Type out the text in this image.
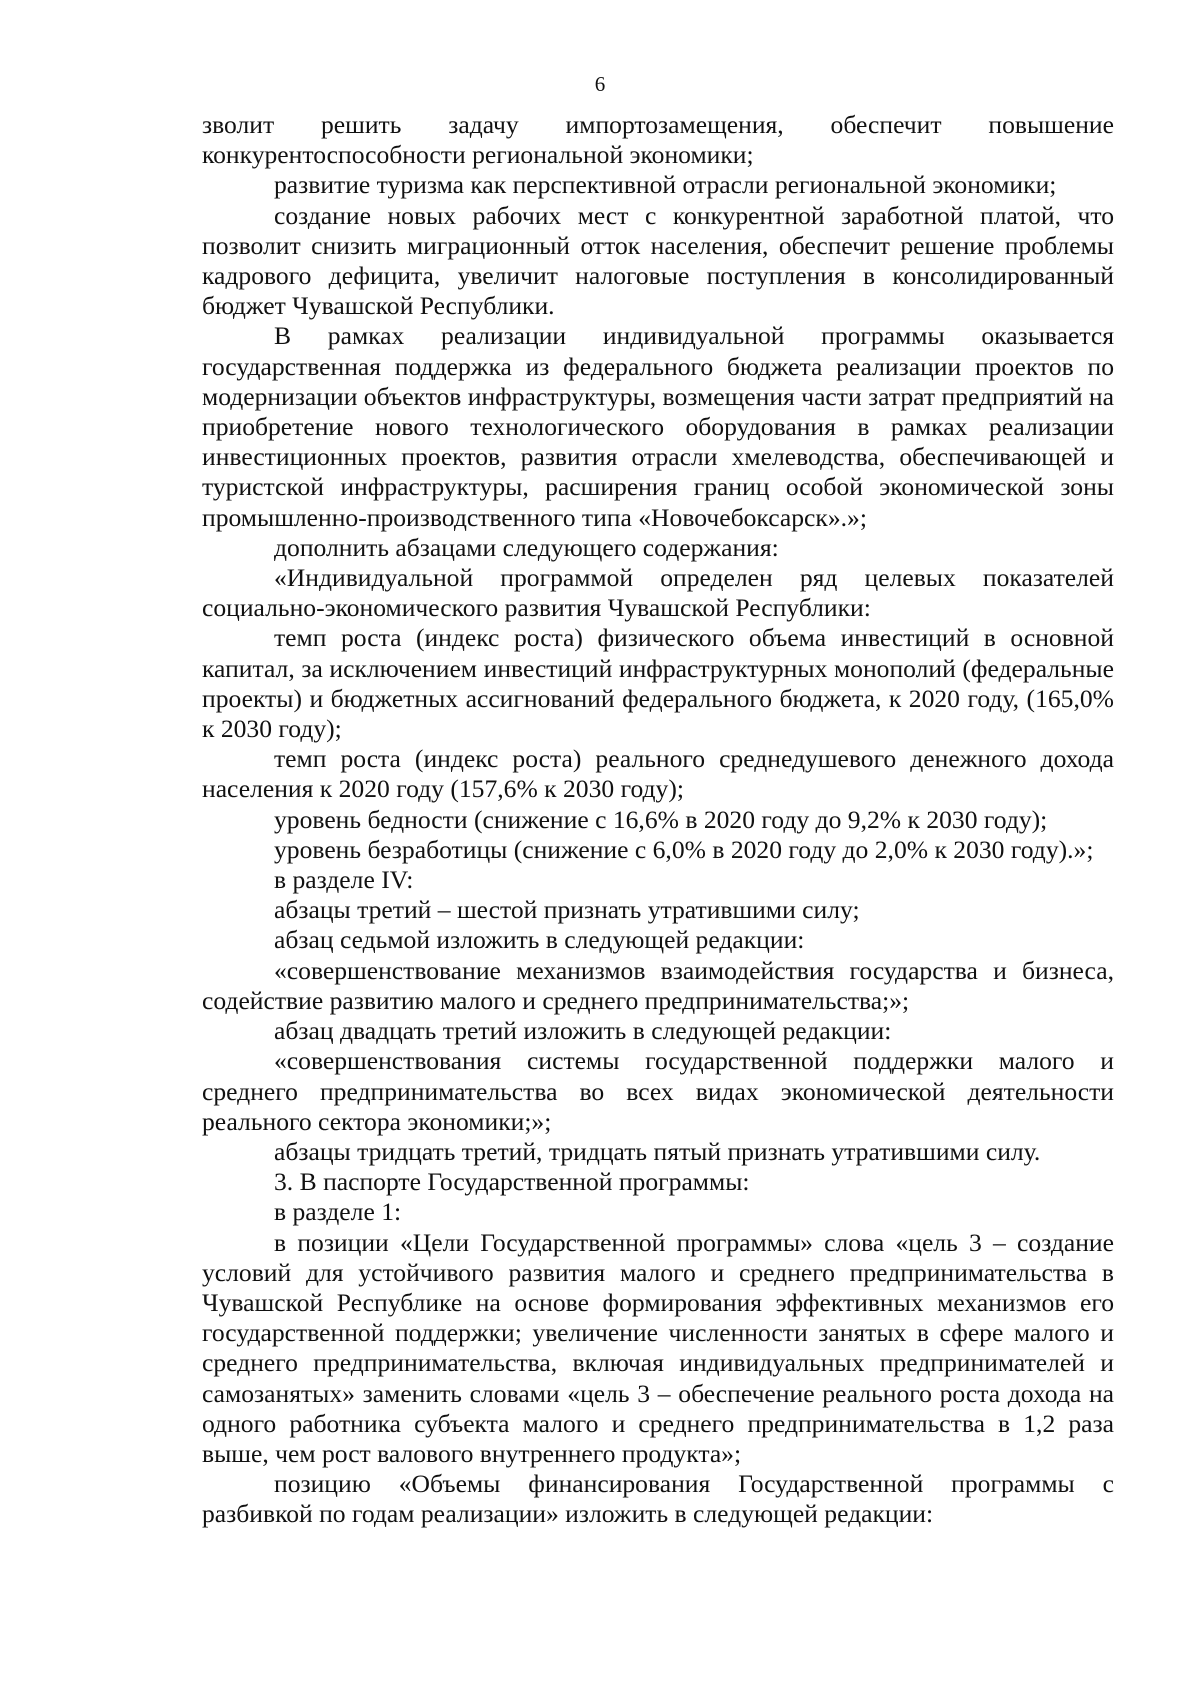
6

зволит решить задачу импортозамещения, обеспечит повышение конкурентоспособности региональной экономики;

развитие туризма как перспективной отрасли региональной экономики;

создание новых рабочих мест с конкурентной заработной платой, что позволит снизить миграционный отток населения, обеспечит решение проблемы кадрового дефицита, увеличит налоговые поступления в консолидированный бюджет Чувашской Республики.

В рамках реализации индивидуальной программы оказывается государственная поддержка из федерального бюджета реализации проектов по модернизации объектов инфраструктуры, возмещения части затрат предприятий на приобретение нового технологического оборудования в рамках реализации инвестиционных проектов, развития отрасли хмелеводства, обеспечивающей и туристской инфраструктуры, расширения границ особой экономической зоны промышленно-производственного типа «Новочебоксарск».»;

дополнить абзацами следующего содержания:

«Индивидуальной программой определен ряд целевых показателей социально-экономического развития Чувашской Республики:

темп роста (индекс роста) физического объема инвестиций в основной капитал, за исключением инвестиций инфраструктурных монополий (федеральные проекты) и бюджетных ассигнований федерального бюджета, к 2020 году, (165,0% к 2030 году);

темп роста (индекс роста) реального среднедушевого денежного дохода населения к 2020 году (157,6% к 2030 году);

уровень бедности (снижение с 16,6% в 2020 году до 9,2% к 2030 году);

уровень безработицы (снижение с 6,0% в 2020 году до 2,0% к 2030 году).»;

в разделе IV:

абзацы третий – шестой признать утратившими силу;

абзац седьмой изложить в следующей редакции:

«совершенствование механизмов взаимодействия государства и бизнеса, содействие развитию малого и среднего предпринимательства;»;

абзац двадцать третий изложить в следующей редакции:

«совершенствования системы государственной поддержки малого и среднего предпринимательства во всех видах экономической деятельности реального сектора экономики;»;

абзацы тридцать третий, тридцать пятый признать утратившими силу.

3. В паспорте Государственной программы:

в разделе 1:

в позиции «Цели Государственной программы» слова «цель 3 – создание условий для устойчивого развития малого и среднего предпринимательства в Чувашской Республике на основе формирования эффективных механизмов его государственной поддержки; увеличение численности занятых в сфере малого и среднего предпринимательства, включая индивидуальных предпринимателей и самозанятых» заменить словами «цель 3 – обеспечение реального роста дохода на одного работника субъекта малого и среднего предпринимательства в 1,2 раза выше, чем рост валового внутреннего продукта»;

позицию «Объемы финансирования Государственной программы с разбивкой по годам реализации» изложить в следующей редакции:
